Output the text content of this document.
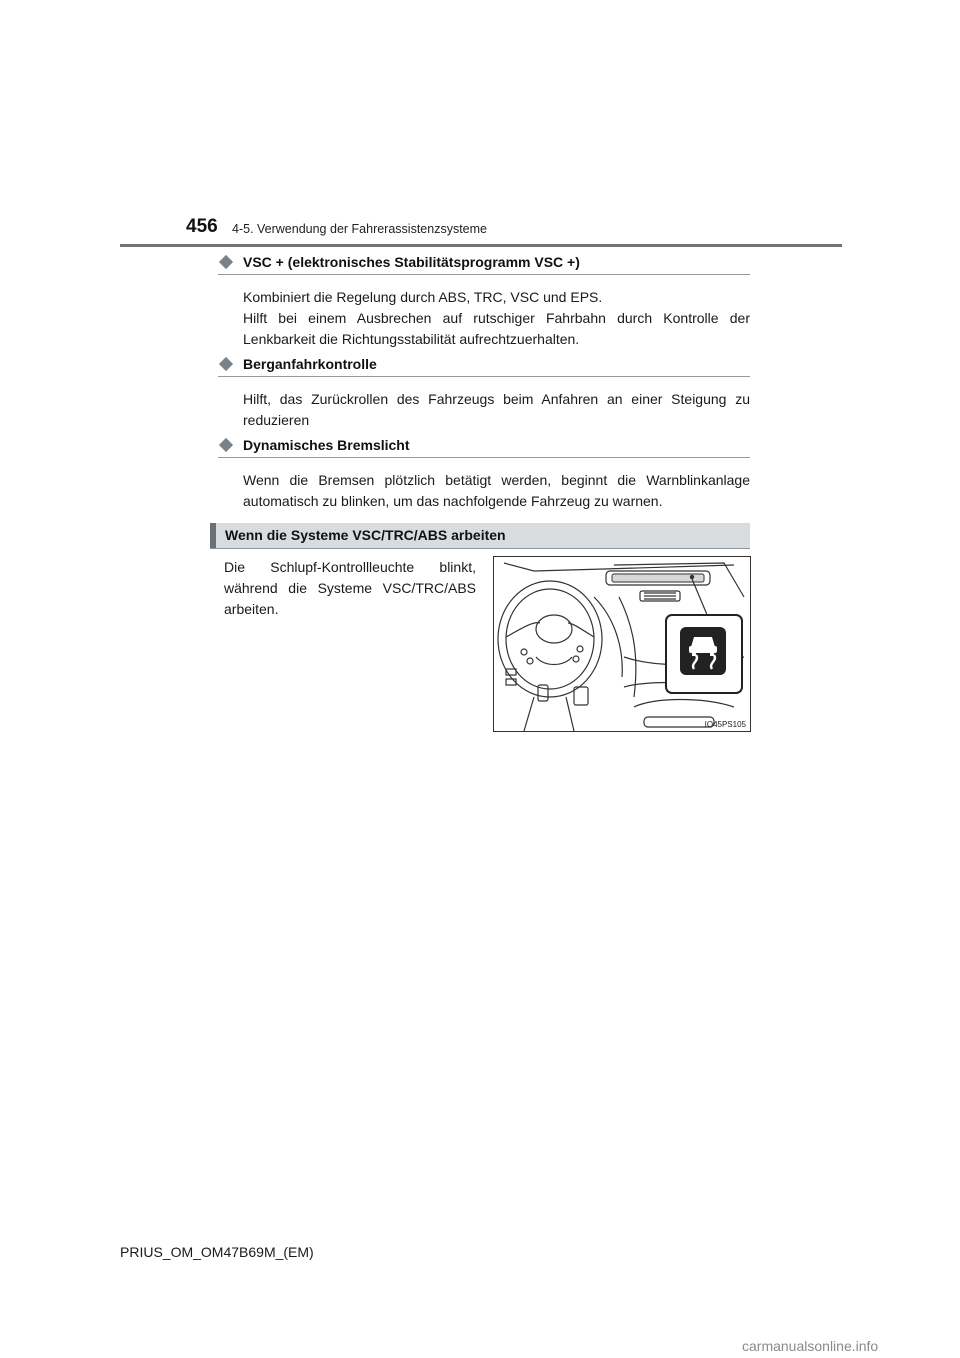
456 4-5. Verwendung der Fahrerassistenzsysteme
VSC + (elektronisches Stabilitätsprogramm VSC +)

Kombiniert die Regelung durch ABS, TRC, VSC und EPS.

Hilft bei einem Ausbrechen auf rutschiger Fahrbahn durch Kontrolle der Lenkbarkeit die Richtungsstabilität aufrechtzuerhalten.

Berganfahrkontrolle

Hilft, das Zurückrollen des Fahrzeugs beim Anfahren an einer Steigung zu reduzieren

Dynamisches Bremslicht

Wenn die Bremsen plötzlich betätigt werden, beginnt die Warnblinkanlage automatisch zu blinken, um das nachfolgende Fahrzeug zu warnen.

Wenn die Systeme VSC/TRC/ABS arbeiten
Die Schlupf-Kontrollleuchte blinkt, während die Systeme VSC/TRC/ABS arbeiten.
IO45PS105
PRIUS_OM_OM47B69M_(EM)
carmanualsonline.info
